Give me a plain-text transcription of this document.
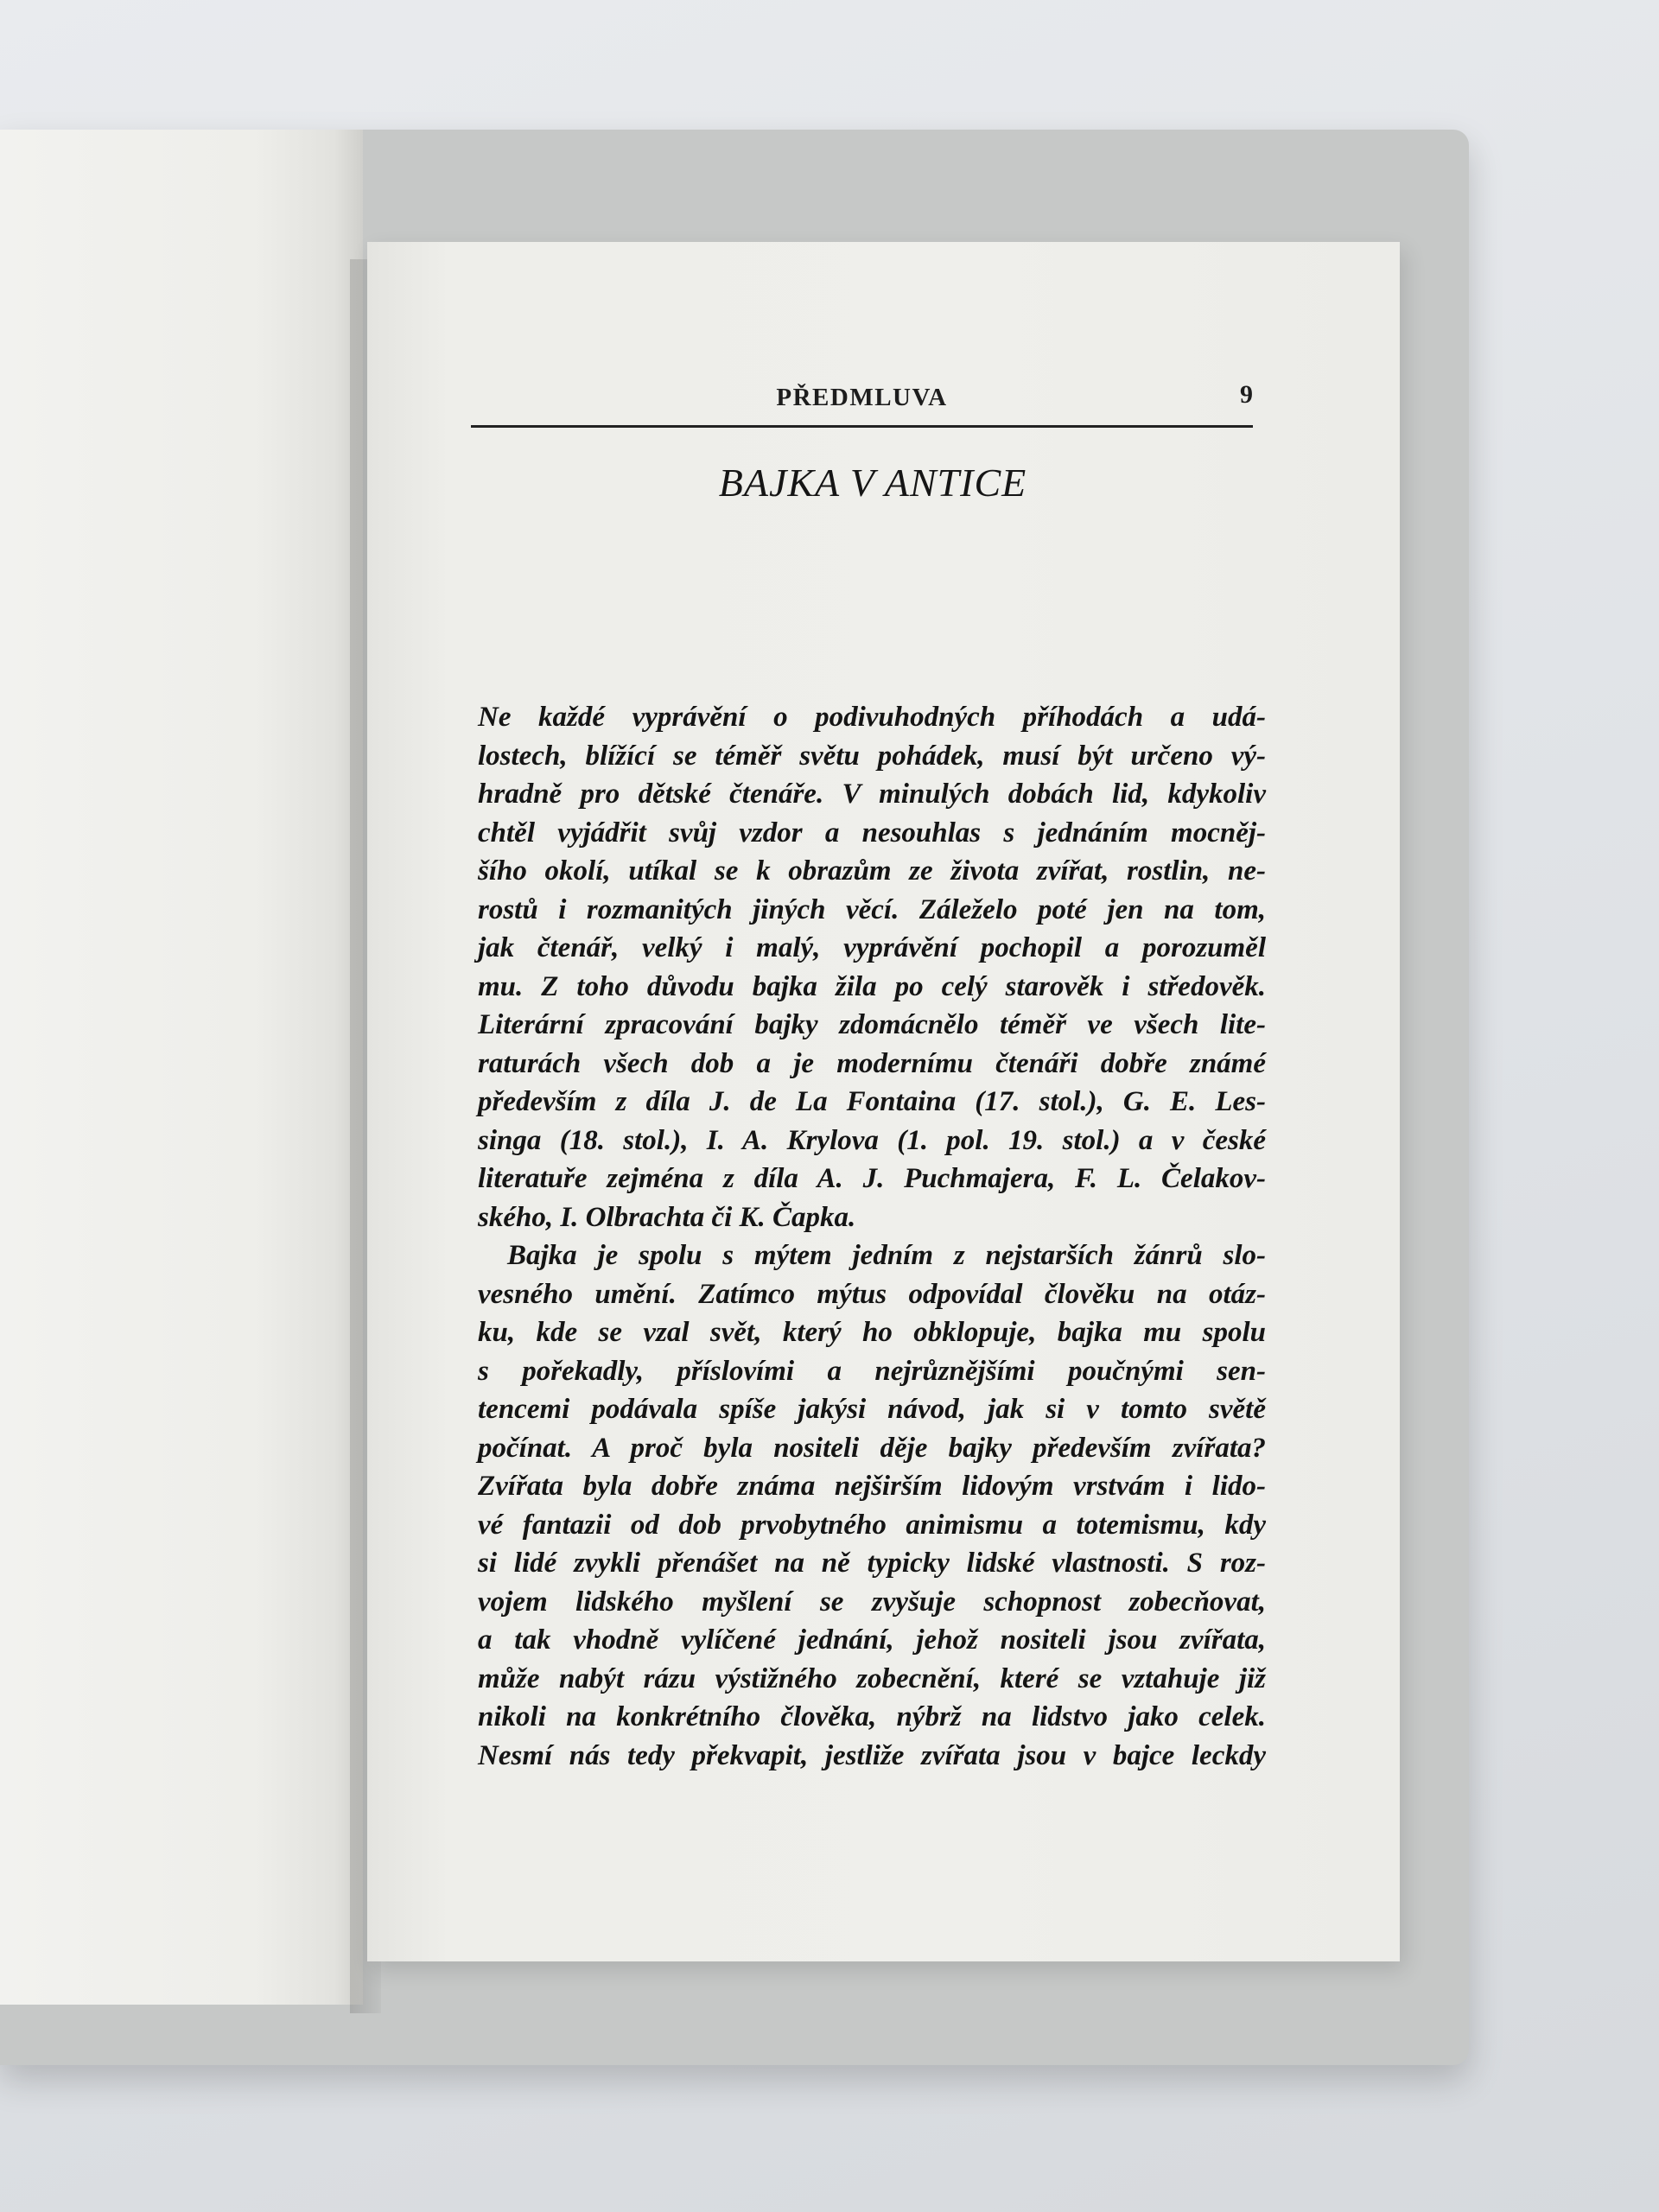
PŘEDMLUVA	9
BAJKA V ANTICE
Ne každé vyprávění o podivuhodných příhodách a udá-
lostech, blížící se téměř světu pohádek, musí být určeno vý-
hradně pro dětské čtenáře. V minulých dobách lid, kdykoliv
chtěl vyjádřit svůj vzdor a nesouhlas s jednáním mocněj-
šího okolí, utíkal se k obrazům ze života zvířat, rostlin, ne-
rostů i rozmanitých jiných věcí. Záleželo poté jen na tom,
jak čtenář, velký i malý, vyprávění pochopil a porozuměl
mu. Z toho důvodu bajka žila po celý starověk i středověk.
Literární zpracování bajky zdomácnělo téměř ve všech lite-
raturách všech dob a je modernímu čtenáři dobře známé
především z díla J. de La Fontaina (17. stol.), G. E. Les-
singa (18. stol.), I. A. Krylova (1. pol. 19. stol.) a v české
literatuře zejména z díla A. J. Puchmajera, F. L. Čelakov-
ského, I. Olbrachta či K. Čapka.
Bajka je spolu s mýtem jedním z nejstarších žánrů slo-
vesného umění. Zatímco mýtus odpovídal člověku na otáz-
ku, kde se vzal svět, který ho obklopuje, bajka mu spolu
s pořekadly, příslovími a nejrůznějšími poučnými sen-
tencemi podávala spíše jakýsi návod, jak si v tomto světě
počínat. A proč byla nositeli děje bajky především zvířata?
Zvířata byla dobře známa nejširším lidovým vrstvám i lido-
vé fantazii od dob prvobytného animismu a totemismu, kdy
si lidé zvykli přenášet na ně typicky lidské vlastnosti. S roz-
vojem lidského myšlení se zvyšuje schopnost zobecňovat,
a tak vhodně vylíčené jednání, jehož nositeli jsou zvířata,
může nabýt rázu výstižného zobecnění, které se vztahuje již
nikoli na konkrétního člověka, nýbrž na lidstvo jako celek.
Nesmí nás tedy překvapit, jestliže zvířata jsou v bajce leckdy
